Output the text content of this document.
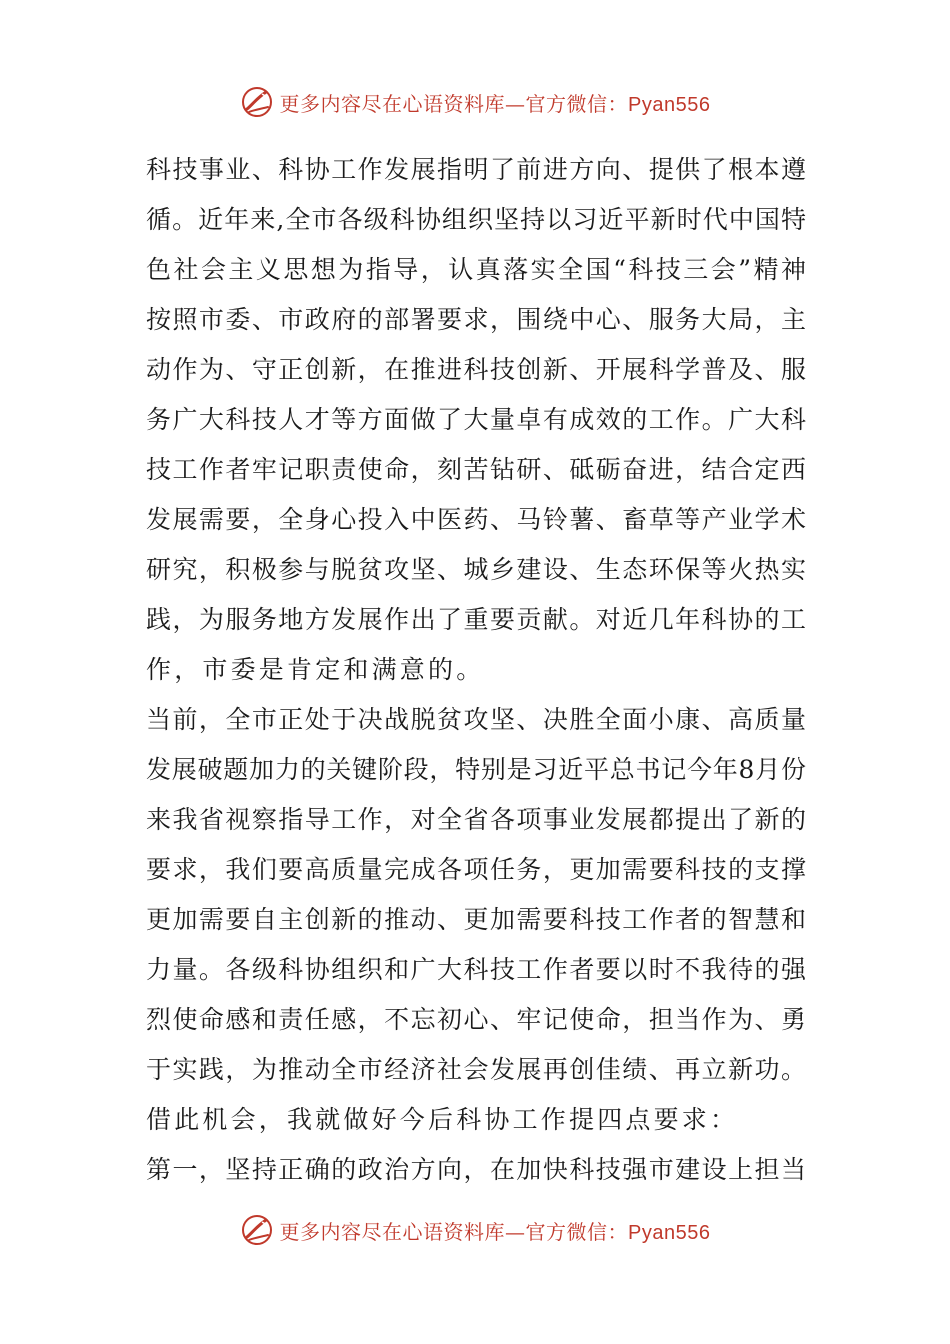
更多内容尽在心语资料库—官方微信：Pyan556
科技事业、科协工作发展指明了前进方向、提供了根本遵
循。近年来,全市各级科协组织坚持以习近平新时代中国特
色社会主义思想为指导，认真落实全国“科技三会”精神
按照市委、市政府的部署要求，围绕中心、服务大局，主
动作为、守正创新，在推进科技创新、开展科学普及、服
务广大科技人才等方面做了大量卓有成效的工作。广大科
技工作者牢记职责使命，刻苦钻研、砥砺奋进，结合定西
发展需要，全身心投入中医药、马铃薯、畜草等产业学术
研究，积极参与脱贫攻坚、城乡建设、生态环保等火热实
践，为服务地方发展作出了重要贡献。对近几年科协的工
作，市委是肯定和满意的。
当前，全市正处于决战脱贫攻坚、决胜全面小康、高质量
发展破题加力的关键阶段，特别是习近平总书记今年8月份
来我省视察指导工作，对全省各项事业发展都提出了新的
要求，我们要高质量完成各项任务，更加需要科技的支撑
更加需要自主创新的推动、更加需要科技工作者的智慧和
力量。各级科协组织和广大科技工作者要以时不我待的强
烈使命感和责任感，不忘初心、牢记使命，担当作为、勇
于实践，为推动全市经济社会发展再创佳绩、再立新功。
借此机会，我就做好今后科协工作提四点要求：
第一，坚持正确的政治方向，在加快科技强市建设上担当
更多内容尽在心语资料库—官方微信：Pyan556
